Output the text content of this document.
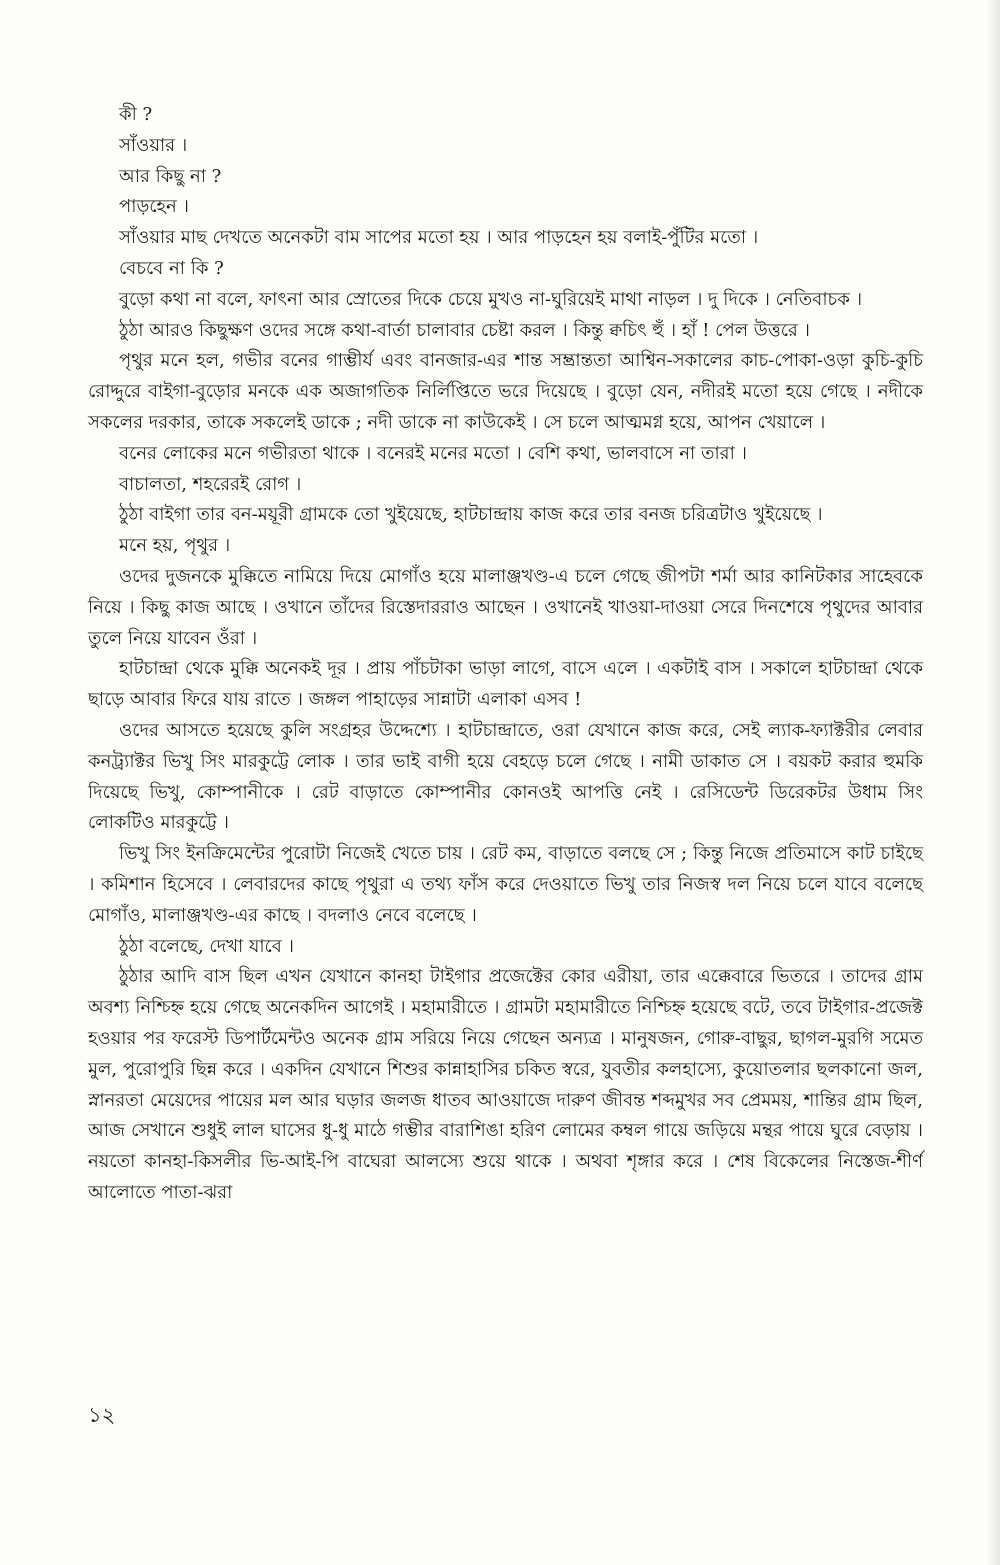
কী ?

সাঁওয়ার ।

আর কিছু না ?

পাড়হেন ।

সাঁওয়ার মাছ দেখতে অনেকটা বাম সাপের মতো হয় । আর পাড়হেন হয় বলাই-পুঁটির মতো ।

বেচবে না কি ?

বুড়ো কথা না বলে, ফাৎনা আর স্রোতের দিকে চেয়ে মুখও না-ঘুরিয়েই মাথা নাড়ল । দু দিকে । নেতিবাচক ।

ঠুঠা আরও কিছুক্ষণ ওদের সঙ্গে কথা-বার্তা চালাবার চেষ্টা করল । কিন্তু ক্বচিৎ হুঁ । হাঁ ! পেল উত্তরে ।

পৃথুর মনে হল, গভীর বনের গাম্ভীর্য এবং বানজার-এর শান্ত সম্ভ্রান্ততা আশ্বিন-সকালের কাচ-পোকা-ওড়া কুচি-কুচি রোদ্দুরে বাইগা-বুড়োর মনকে এক অজাগতিক নির্লিপ্তিতে ভরে দিয়েছে । বুড়ো যেন, নদীরই মতো হয়ে গেছে । নদীকে সকলের দরকার, তাকে সকলেই ডাকে ; নদী ডাকে না কাউকেই । সে চলে আত্মমগ্ন হয়ে, আপন খেয়ালে ।

বনের লোকের মনে গভীরতা থাকে । বনেরই মনের মতো । বেশি কথা, ভালবাসে না তারা ।

বাচালতা, শহরেরই রোগ ।

ঠুঠা বাইগা তার বন-ময়ূরী গ্রামকে তো খুইয়েছে, হাটচান্দ্রায় কাজ করে তার বনজ চরিত্রটাও খুইয়েছে ।

মনে হয়, পৃথুর ।

ওদের দুজনকে মুক্কিতে নামিয়ে দিয়ে মোগাঁও হয়ে মালাঞ্জখণ্ড-এ চলে গেছে জীপটা শর্মা আর কানিটকার সাহেবকে নিয়ে । কিছু কাজ আছে । ওখানে তাঁদের রিস্তেদাররাও আছেন । ওখানেই খাওয়া-দাওয়া সেরে দিনশেষে পৃথুদের আবার তুলে নিয়ে যাবেন ওঁরা ।

হাটচান্দ্রা থেকে মুক্কি অনেকই দূর । প্রায় পাঁচটাকা ভাড়া লাগে, বাসে এলে । একটাই বাস । সকালে হাটচান্দ্রা থেকে ছাড়ে আবার ফিরে যায় রাতে । জঙ্গল পাহাড়ের সান্নাটা এলাকা এসব !

ওদের আসতে হয়েছে কুলি সংগ্রহর উদ্দেশ্যে । হাটচান্দ্রাতে, ওরা যেখানে কাজ করে, সেই ল্যাক-ফ্যাক্টরীর লেবার কনট্র্যাক্টর ভিখু সিং মারকুট্টে লোক । তার ভাই বাগী হয়ে বেহড়ে চলে গেছে । নামী ডাকাত সে । বয়কট করার হুমকি দিয়েছে ভিখু, কোম্পানীকে । রেট বাড়াতে কোম্পানীর কোনওই আপত্তি নেই । রেসিডেন্ট ডিরেকটর উধাম সিং লোকটিও মারকুট্টে ।

ভিখু সিং ইনক্রিমেন্টের পুরোটা নিজেই খেতে চায় । রেট কম, বাড়াতে বলছে সে ; কিন্তু নিজে প্রতিমাসে কাট চাইছে । কমিশান হিসেবে । লেবারদের কাছে পৃথুরা এ তথ্য ফাঁস করে দেওয়াতে ভিখু তার নিজস্ব দল নিয়ে চলে যাবে বলেছে মোগাঁও, মালাঞ্জখণ্ড-এর কাছে । বদলাও নেবে বলেছে ।

ঠুঠা বলেছে, দেখা যাবে ।

ঠুঠার আদি বাস ছিল এখন যেখানে কানহা টাইগার প্রজেক্টের কোর এরীয়া, তার এক্কেবারে ভিতরে । তাদের গ্রাম অবশ্য নিশ্চিহ্ন হয়ে গেছে অনেকদিন আগেই । মহামারীতে । গ্রামটা মহামারীতে নিশ্চিহ্ন হয়েছে বটে, তবে টাইগার-প্রজেক্ট হওয়ার পর ফরেস্ট ডিপার্টমেন্টও অনেক গ্রাম সরিয়ে নিয়ে গেছেন অন্যত্র । মানুষজন, গোরু-বাছুর, ছাগল-মুরগি সমেত মুল, পুরোপুরি ছিন্ন করে । একদিন যেখানে শিশুর কান্নাহাসির চকিত স্বরে, যুবতীর কলহাস্যে, কুয়োতলার ছলকানো জল, স্নানরতা মেয়েদের পায়ের মল আর ঘড়ার জলজ ধাতব আওয়াজে দারুণ জীবন্ত শব্দমুখর সব প্রেমময়, শান্তির গ্রাম ছিল, আজ সেখানে শুধুই লাল ঘাসের ধু-ধু মাঠে গম্ভীর বারাশিঙা হরিণ লোমের কম্বল গায়ে জড়িয়ে মন্থর পায়ে ঘুরে বেড়ায় । নয়তো কানহা-কিসলীর ভি-আই-পি বাঘেরা আলস্যে শুয়ে থাকে । অথবা শৃঙ্গার করে । শেষ বিকেলের নিস্তেজ-শীর্ণ আলোতে পাতা-ঝরা

১২
